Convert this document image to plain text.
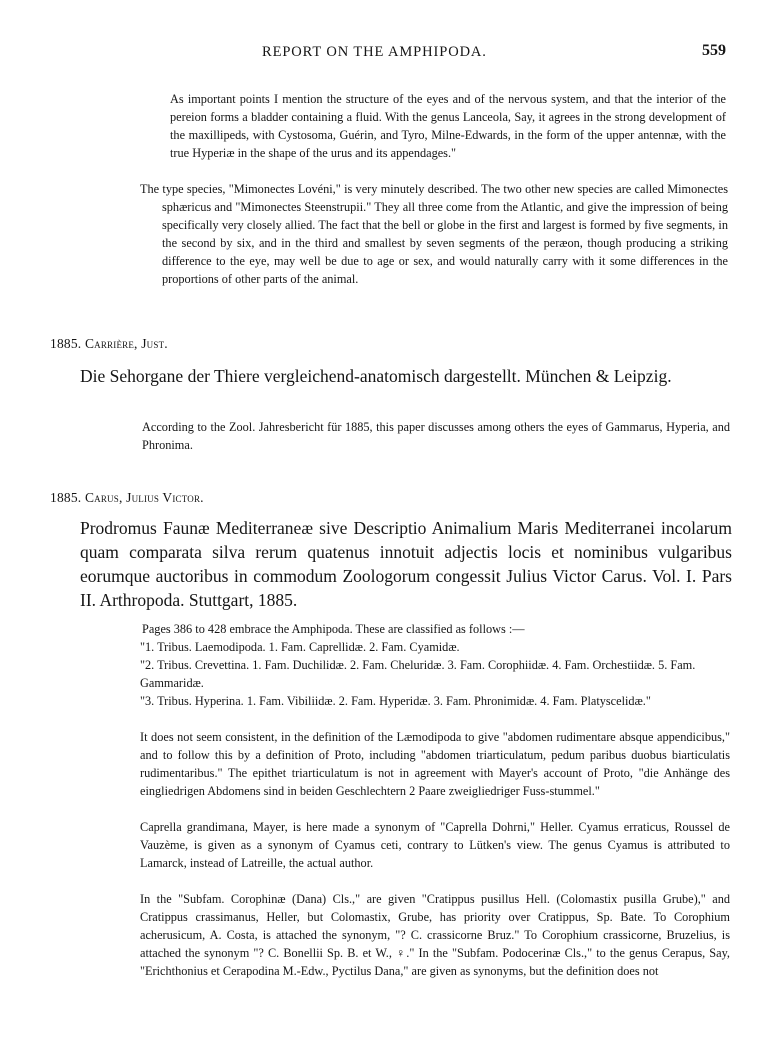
REPORT ON THE AMPHIPODA.	559

As important points I mention the structure of the eyes and of the nervous system, and that the interior of the pereion forms a bladder containing a fluid. With the genus Lanceola, Say, it agrees in the strong development of the maxillipeds, with Cystosoma, Guérin, and Tyro, Milne-Edwards, in the form of the upper antennæ, with the true Hyperiæ in the shape of the urus and its appendages."

The type species, "Mimonectes Lovéni," is very minutely described. The two other new species are called Mimonectes sphæricus and "Mimonectes Steenstrupii." They all three come from the Atlantic, and give the impression of being specifically very closely allied. The fact that the bell or globe in the first and largest is formed by five segments, in the second by six, and in the third and smallest by seven segments of the peræon, though producing a striking difference to the eye, may well be due to age or sex, and would naturally carry with it some differences in the proportions of other parts of the animal.

1885. Carrière, Just.

Die Sehorgane der Thiere vergleichend-anatomisch dargestellt. München & Leipzig.

According to the Zool. Jahresbericht für 1885, this paper discusses among others the eyes of Gammarus, Hyperia, and Phronima.

1885. Carus, Julius Victor.

Prodromus Faunæ Mediterraneæ sive Descriptio Animalium Maris Mediterranei incolarum quam comparata silva rerum quatenus innotuit adjectis locis et nominibus vulgaribus eorumque auctoribus in commodum Zoologorum congessit Julius Victor Carus. Vol. I. Pars II. Arthropoda. Stuttgart, 1885.

Pages 386 to 428 embrace the Amphipoda. These are classified as follows :—

"1. Tribus. Laemodipoda. 1. Fam. Caprellidæ. 2. Fam. Cyamidæ.
"2. Tribus. Crevettina. 1. Fam. Duchilidæ. 2. Fam. Cheluridæ. 3. Fam. Corophiidæ. 4. Fam. Orchestiidæ. 5. Fam. Gammaridæ.
"3. Tribus. Hyperina. 1. Fam. Vibiliidæ. 2. Fam. Hyperidæ. 3. Fam. Phronimidæ. 4. Fam. Platyscelidæ."

It does not seem consistent, in the definition of the Læmodipoda to give "abdomen rudimentare absque appendicibus," and to follow this by a definition of Proto, including "abdomen triarticulatum, pedum paribus duobus biarticulatis rudimentaribus." The epithet triarticulatum is not in agreement with Mayer's account of Proto, "die Anhänge des eingliedrigen Abdomens sind in beiden Geschlechtern 2 Paare zweigliedriger Fuss-stummel."

Caprella grandimana, Mayer, is here made a synonym of "Caprella Dohrni," Heller. Cyamus erraticus, Roussel de Vauzème, is given as a synonym of Cyamus ceti, contrary to Lütken's view. The genus Cyamus is attributed to Lamarck, instead of Latreille, the actual author.

In the "Subfam. Corophinæ (Dana) Cls.," are given "Cratippus pusillus Hell. (Colomastix pusilla Grube)," and Cratippus crassimanus, Heller, but Colomastix, Grube, has priority over Cratippus, Sp. Bate. To Corophium acherusicum, A. Costa, is attached the synonym, "? C. crassicorne Bruz." To Corophium crassicorne, Bruzelius, is attached the synonym "? C. Bonellii Sp. B. et W., ♀." In the "Subfam. Podocerinæ Cls.," to the genus Cerapus, Say, "Erichthonius et Cerapodina M.-Edw., Pyctilus Dana," are given as synonyms, but the definition does not
